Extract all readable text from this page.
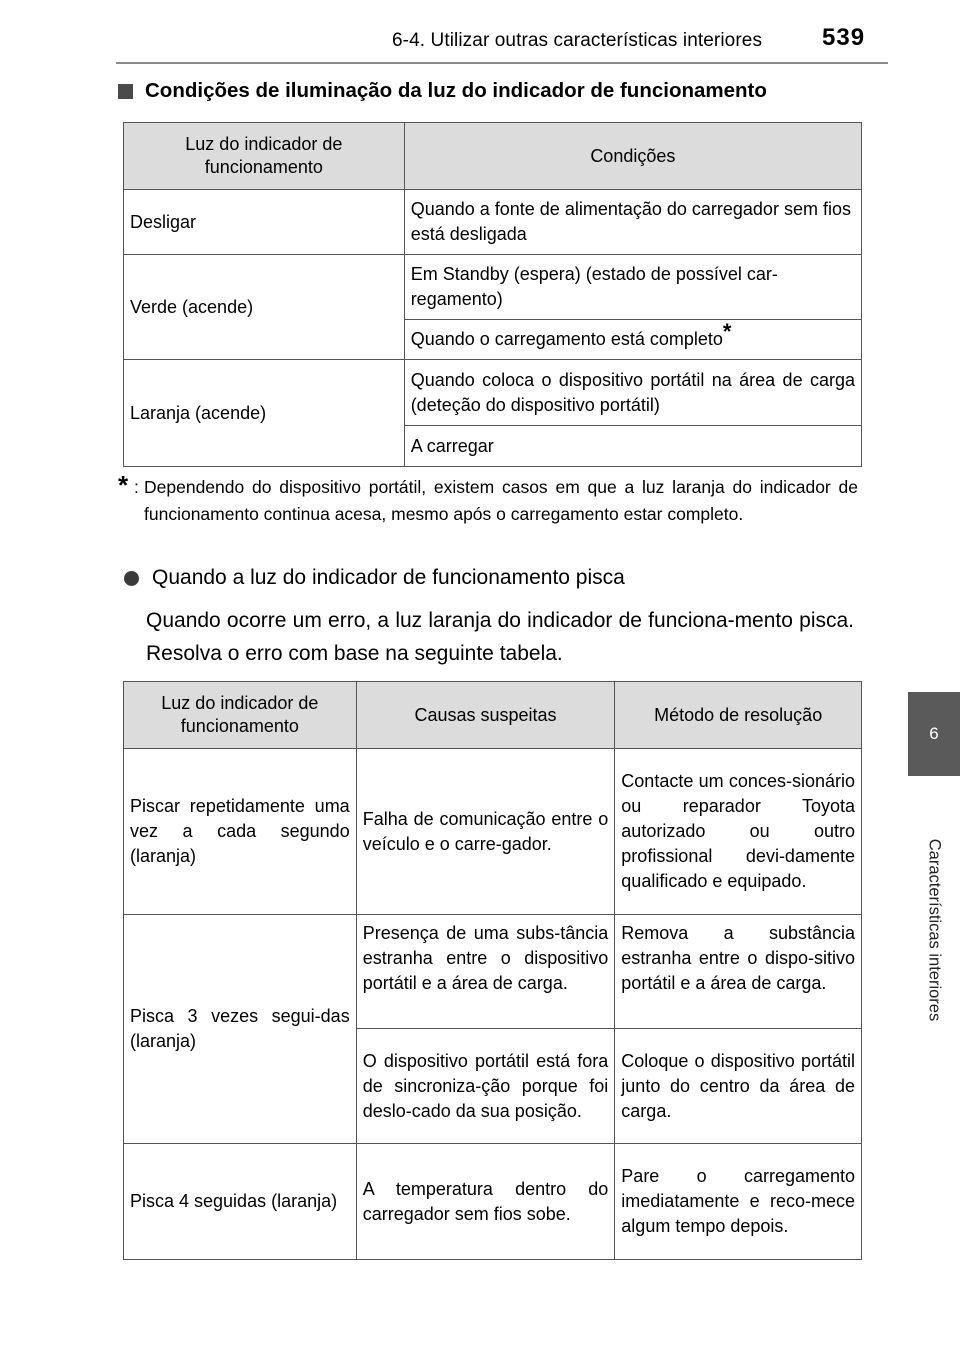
6-4. Utilizar outras características interiores 539
6
Características interiores
Condições de iluminação da luz do indicador de funcionamento
Luz do indicador de funcionamento	Condições
Desligar	Quando a fonte de alimentação do carregador sem fios está desligada
Verde (acende)	Em Standby (espera) (estado de possível car-regamento)
	Quando o carregamento está completo*
Laranja (acende)	Quando coloca o dispositivo portátil na área de carga (deteção do dispositivo portátil)
	A carregar
* : Dependendo do dispositivo portátil, existem casos em que a luz laranja do indicador de funcionamento continua acesa, mesmo após o carregamento estar completo.
Quando a luz do indicador de funcionamento pisca

Quando ocorre um erro, a luz laranja do indicador de funciona-mento pisca. Resolva o erro com base na seguinte tabela.

Luz do indicador de funcionamento	Causas suspeitas	Método de resolução
Piscar repetidamente uma vez a cada segundo (laranja)	Falha de comunicação entre o veículo e o carre-gador.	Contacte um conces-sionário ou reparador Toyota autorizado ou outro profissional devi-damente qualificado e equipado.
Pisca 3 vezes segui-das (laranja)	Presença de uma subs-tância estranha entre o dispositivo portátil e a área de carga.	Remova a substância estranha entre o dispo-sitivo portátil e a área de carga.
	O dispositivo portátil está fora de sincroniza-ção porque foi deslo-cado da sua posição.	Coloque o dispositivo portátil junto do centro da área de carga.
Pisca 4 seguidas (laranja)	A temperatura dentro do carregador sem fios sobe.	Pare o carregamento imediatamente e reco-mece algum tempo depois.
